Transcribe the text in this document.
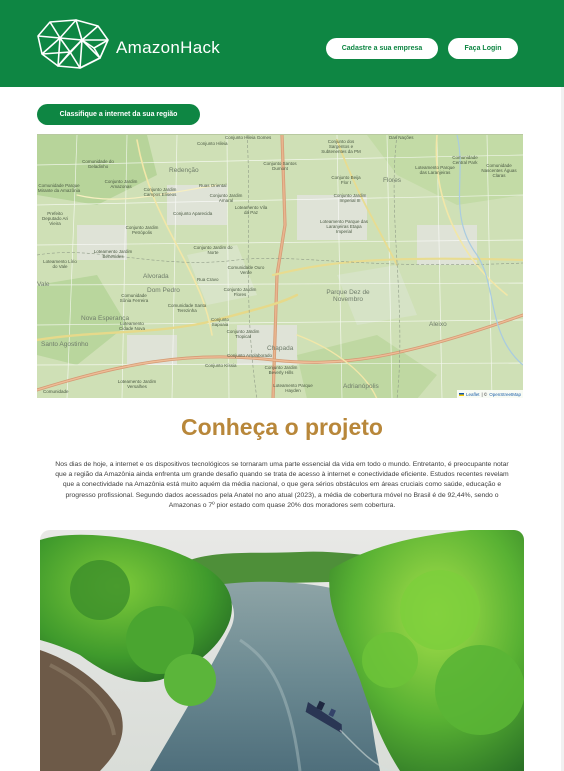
AmazonHack	Cadastre a sua empresa	Faça Login
Classifique a internet da sua região
Conjunto Hileia
Conjunto Hileia Gomes
Redenção
Comunidade do Geladinho
Conjunto Jardim Amazonas
Comunidade Parque Mirante da Amazônia
Conjunto Santos Dumont
Conjunto dos Sargentos e Subtenentes da PM
Comunidade Central Park
Conjunto Jardim Campos Elíseos
Ruas Oriental
Conjunto Jardim Amaral
Conjunto Beija Flor I	Flores
Loteamento Parque das Laranjeiras
Comunidade Nascentes Águas Claras
Prefeito Deputado Ari Vieira
Conjunto Aparecida
Loteamento Vila da Paz
Conjunto Jardim Imperial III
Conjunto Jardim Petrópolis
Loteamento Parque das Laranjeiras Etapa Imperial
Loteamento Jardim Benevides
Conjunto Jardim do Norte
Loteamento Lírio do Vale
Alvorada
Comunidade Ouro Verde
Vale
Dom Pedro
Rua Cravo
Comunidade Sônia Ferreira
Conjunto Jardim Flores	Parque Dez de Novembro
Nova Esperança
Comunidade Santa Terezinha
Conjunto Sapoaia
Conjunto Jardim Tropical
Santo Agostinho
Loteamento Cidade Nova
Chapada
Conjunto Arrolaborado
Conjunto Kíssia	Conjunto Jardim Beverly Hills
Loteamento Parque Hayden
Adrianópolis
Comunidade
Loteamento Jardim Versalhes
Aleixo
Das Nações
Leaflet | © OpenStreetMap
Conheça o projeto

Nos dias de hoje, a internet e os dispositivos tecnológicos se tornaram uma parte essencial da vida em todo o mundo. Entretanto, é preocupante notar que a região da Amazônia ainda enfrenta um grande desafio quando se trata de acesso à internet e conectividade eficiente. Estudos recentes revelam que a conectividade na Amazônia está muito aquém da média nacional, o que gera sérios obstáculos em áreas cruciais como saúde, educação e progresso profissional. Segundo dados acessados pela Anatel no ano atual (2023), a média de cobertura móvel no Brasil é de 92,44%, sendo o Amazonas o 7º pior estado com quase 20% dos moradores sem cobertura.
